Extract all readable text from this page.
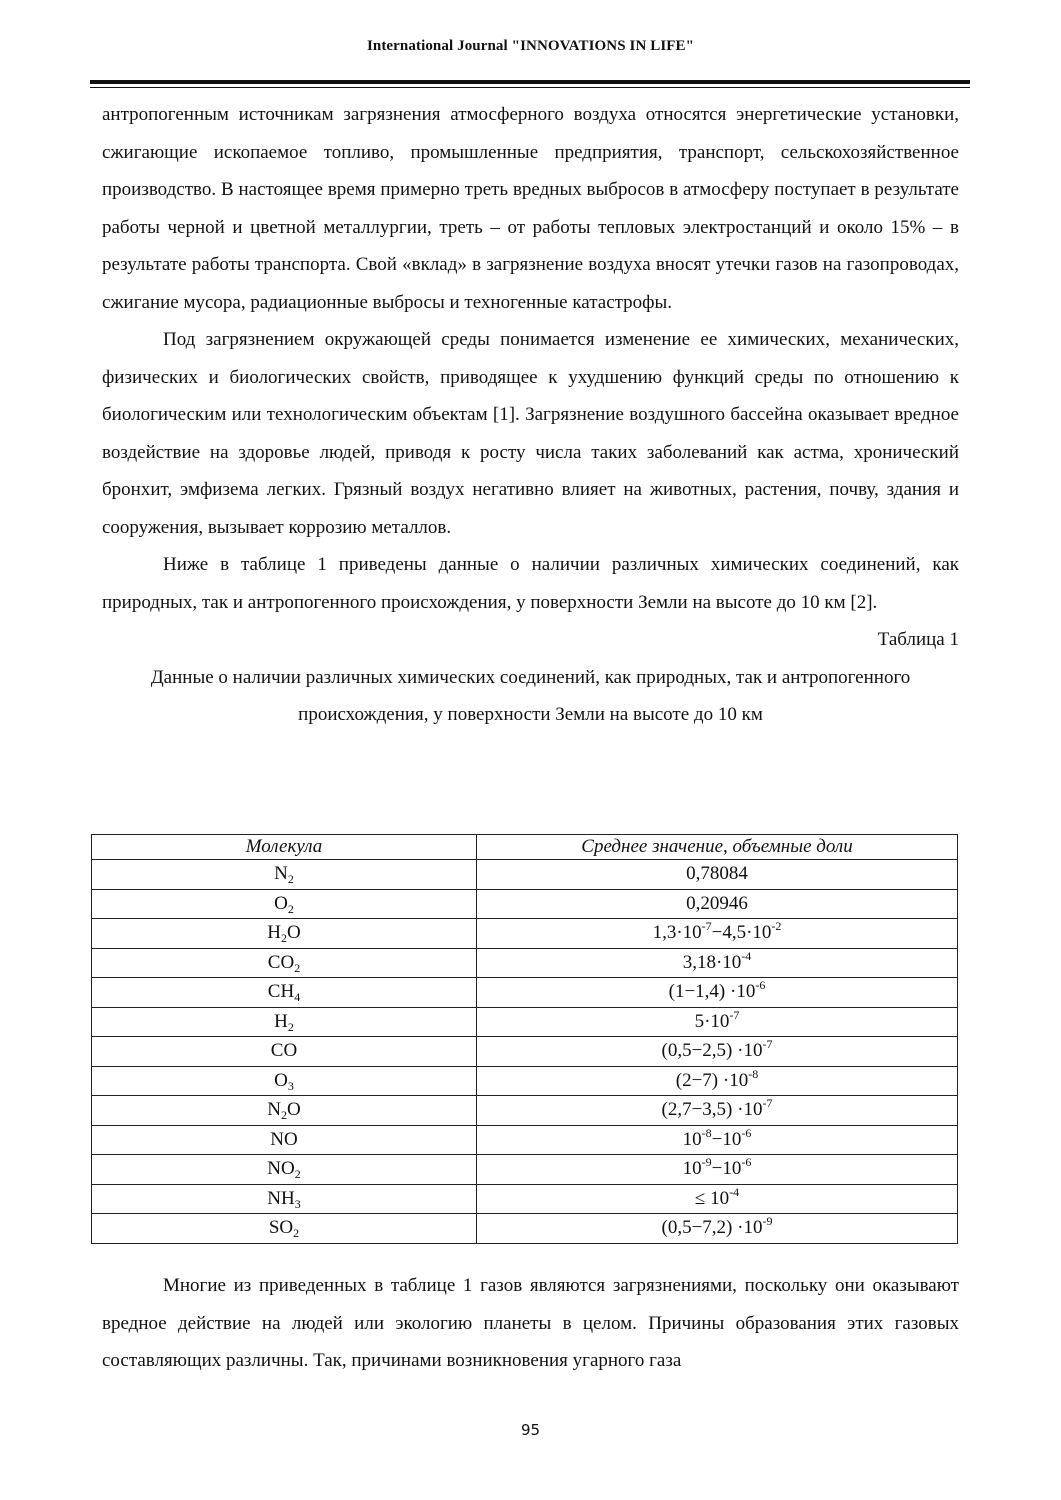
International Journal "INNOVATIONS IN LIFE"

антропогенным источникам загрязнения атмосферного воздуха относятся энергетические установки, сжигающие ископаемое топливо, промышленные предприятия, транспорт, сельскохозяйственное производство. В настоящее время примерно треть вредных выбросов в атмосферу поступает в результате работы черной и цветной металлургии, треть – от работы тепловых электростанций и около 15% – в результате работы транспорта. Свой «вклад» в загрязнение воздуха вносят утечки газов на газопроводах, сжигание мусора, радиационные выбросы и техногенные катастрофы.

Под загрязнением окружающей среды понимается изменение ее химических, механических, физических и биологических свойств, приводящее к ухудшению функций среды по отношению к биологическим или технологическим объектам [1]. Загрязнение воздушного бассейна оказывает вредное воздействие на здоровье людей, приводя к росту числа таких заболеваний как астма, хронический бронхит, эмфизема легких. Грязный воздух негативно влияет на животных, растения, почву, здания и сооружения, вызывает коррозию металлов.

Ниже в таблице 1 приведены данные о наличии различных химических соединений, как природных, так и антропогенного происхождения, у поверхности Земли на высоте до 10 км [2].

Таблица 1

Данные о наличии различных химических соединений, как природных, так и антропогенного

происхождения, у поверхности Земли на высоте до 10 км

Молекула	Среднее значение, объемные доли
$N_2$	0,78084
$O_2$	0,20946
$H_2O$	$1,3\cdot 10^{-7}-4,5\cdot 10^{-2}$
$CO_2$	$3,18\cdot 10^{-4}$
$CH_4$	$(1-1,4) \cdot 10^{-6}$
$H_2$	$5\cdot 10^{-7}$
CO	$(0,5-2,5) \cdot 10^{-7}$
$O_3$	$(2-7) \cdot 10^{-8}$
$N_2O$	$(2,7-3,5) \cdot 10^{-7}$
NO	$10^{-8}-10^{-6}$
$NO_2$	$10^{-9}-10^{-6}$
$NH_3$	≤ $10^{-4}$
$SO_2$	$(0,5-7,2) \cdot 10^{-9}$

Многие из приведенных в таблице 1 газов являются загрязнениями, поскольку они оказывают вредное действие на людей или экологию планеты в целом. Причины образования этих газовых составляющих различны. Так, причинами возникновения угарного газа

95
